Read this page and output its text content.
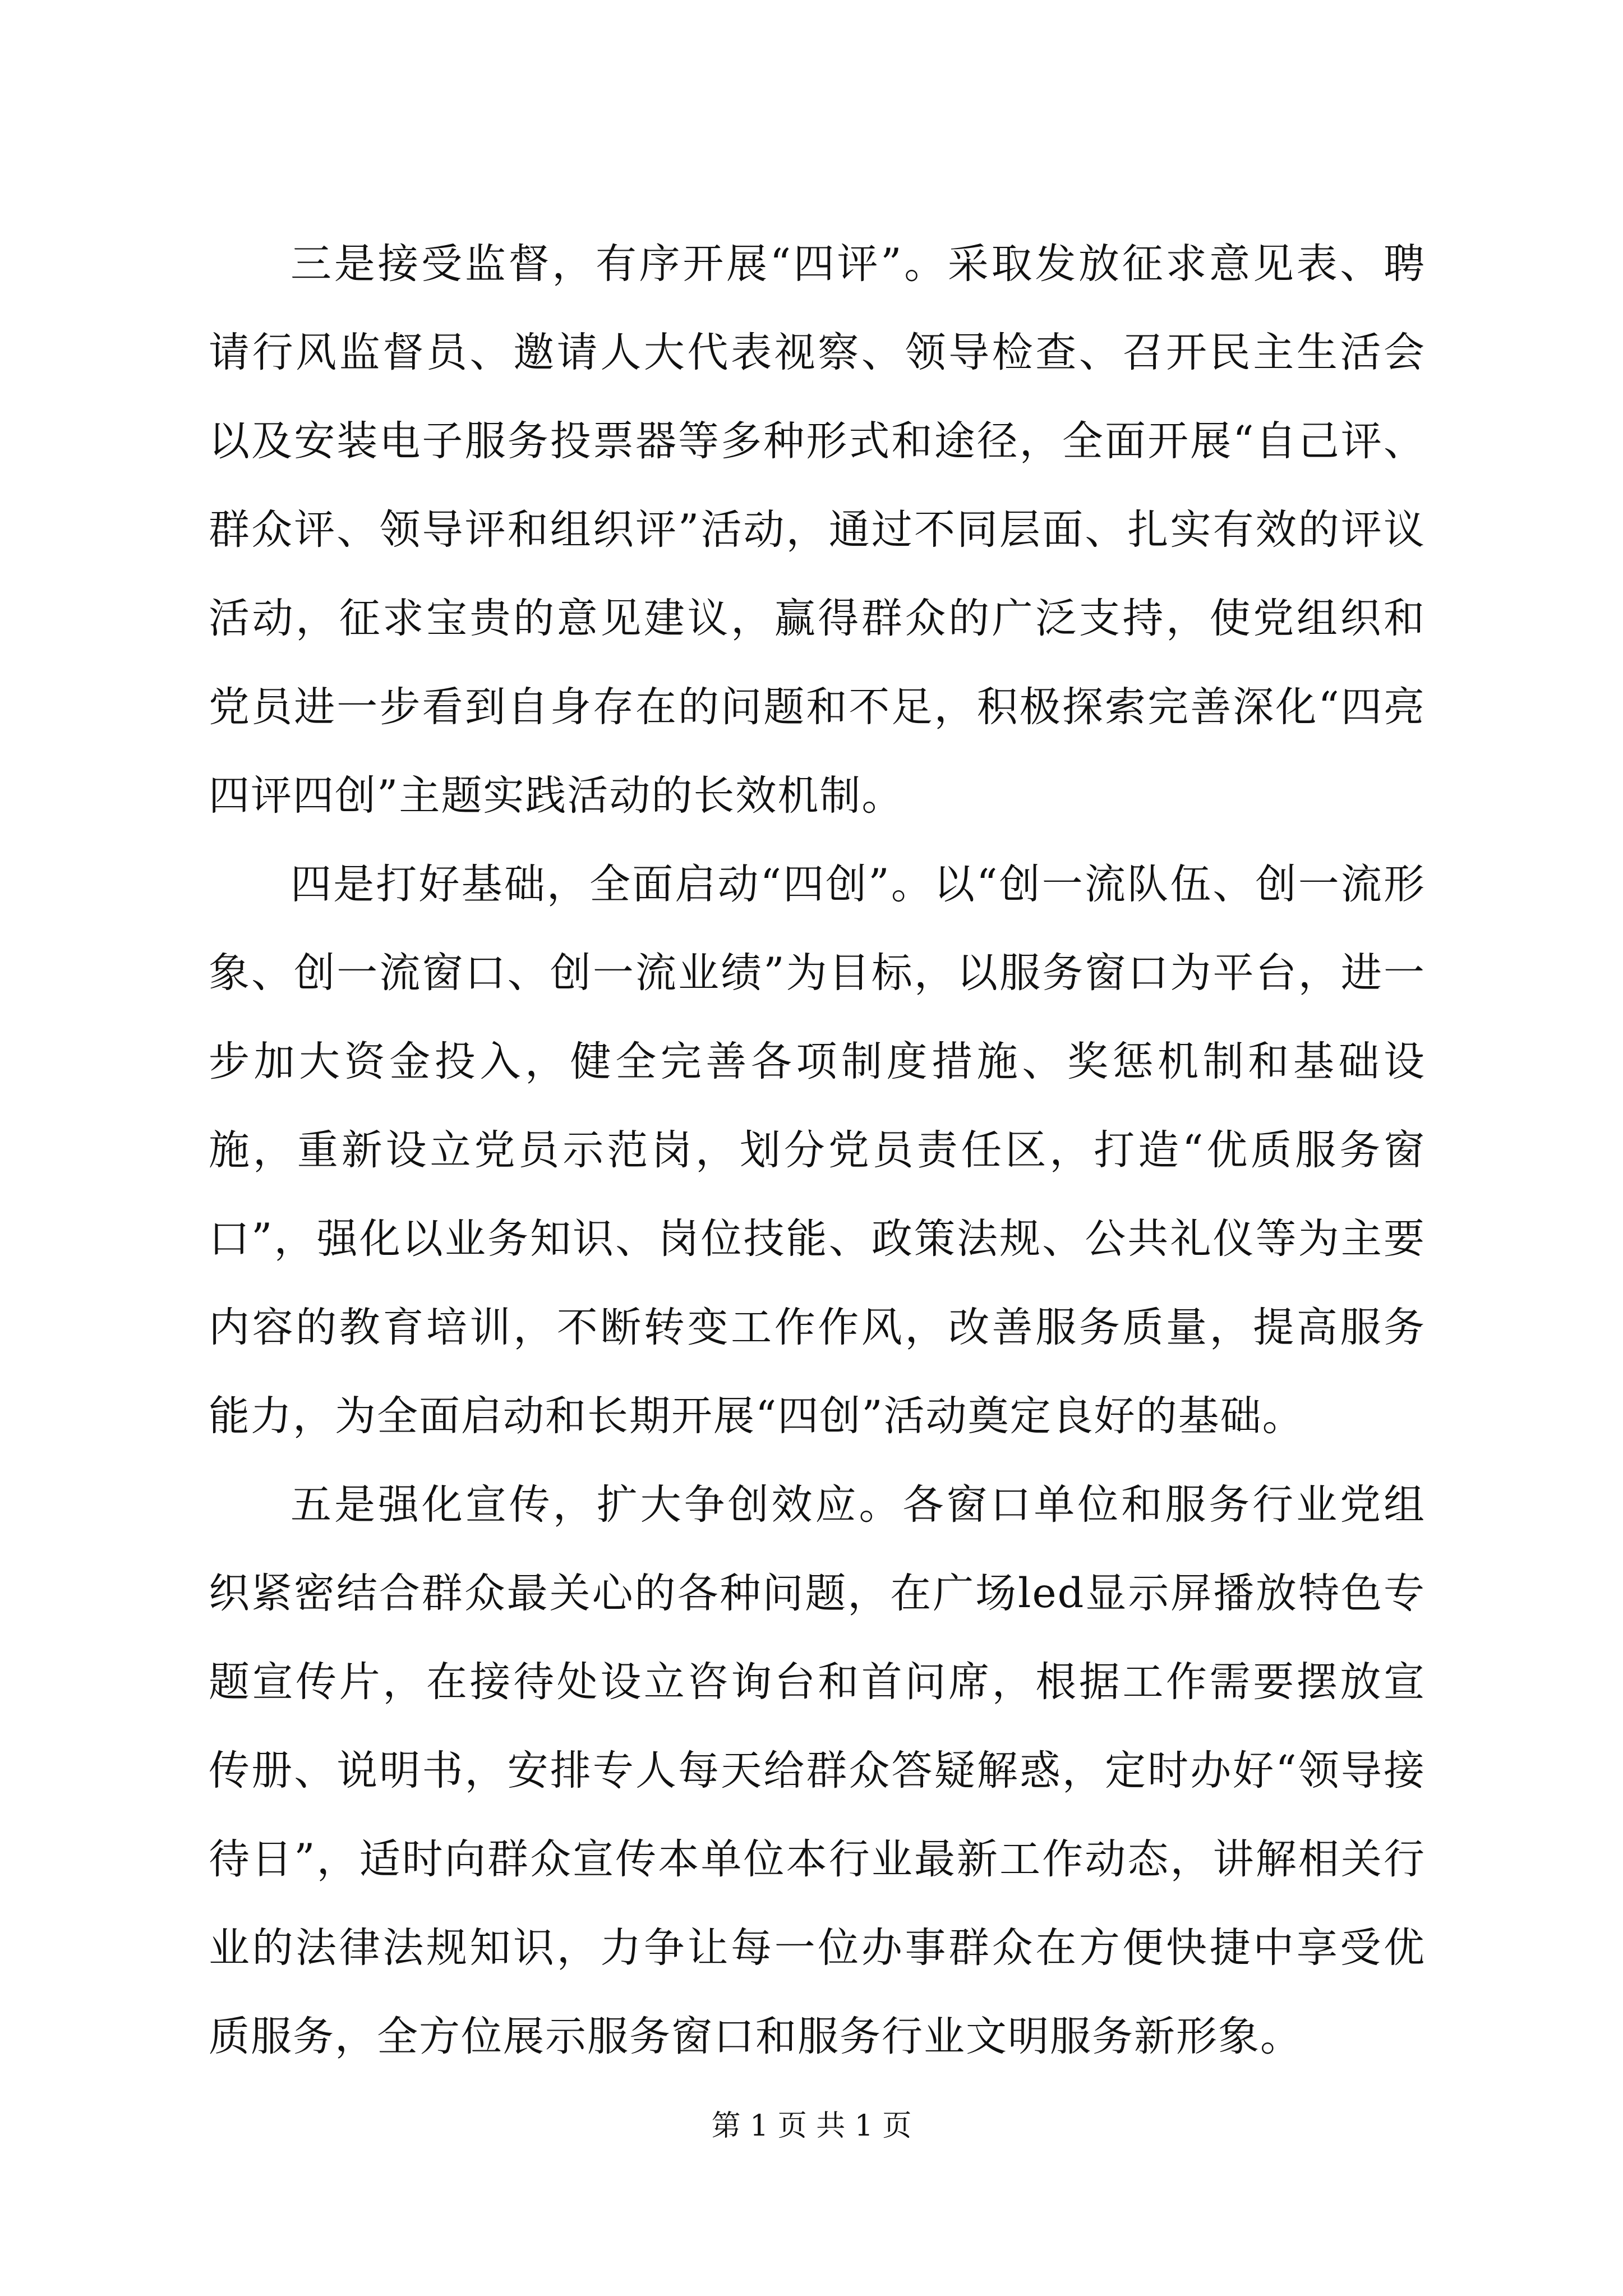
三是接受监督，有序开展“四评”。采取发放征求意见表、聘请行风监督员、邀请人大代表视察、领导检查、召开民主生活会以及安装电子服务投票器等多种形式和途径，全面开展“自己评、群众评、领导评和组织评”活动，通过不同层面、扎实有效的评议活动，征求宝贵的意见建议，赢得群众的广泛支持，使党组织和党员进一步看到自身存在的问题和不足，积极探索完善深化“四亮四评四创”主题实践活动的长效机制。

四是打好基础，全面启动“四创”。以“创一流队伍、创一流形象、创一流窗口、创一流业绩”为目标，以服务窗口为平台，进一步加大资金投入，健全完善各项制度措施、奖惩机制和基础设施，重新设立党员示范岗，划分党员责任区，打造“优质服务窗口”，强化以业务知识、岗位技能、政策法规、公共礼仪等为主要内容的教育培训，不断转变工作作风，改善服务质量，提高服务能力，为全面启动和长期开展“四创”活动奠定良好的基础。

五是强化宣传，扩大争创效应。各窗口单位和服务行业党组织紧密结合群众最关心的各种问题，在广场led显示屏播放特色专题宣传片，在接待处设立咨询台和首问席，根据工作需要摆放宣传册、说明书，安排专人每天给群众答疑解惑，定时办好“领导接待日”，适时向群众宣传本单位本行业最新工作动态，讲解相关行业的法律法规知识，力争让每一位办事群众在方便快捷中享受优质服务，全方位展示服务窗口和服务行业文明服务新形象。

第 1 页 共 1 页
